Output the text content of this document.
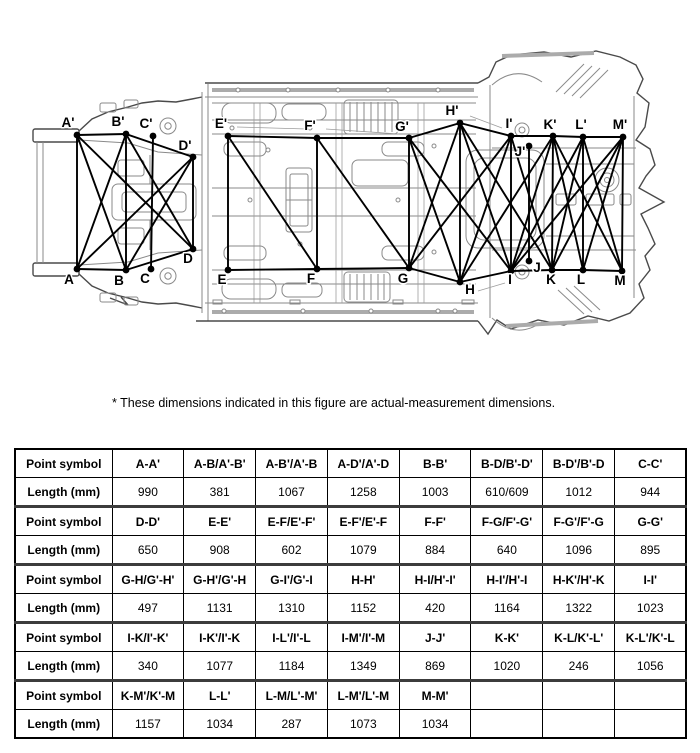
A'	B' C'
D'
E'	F'	G'
H'
I'
J'
K' L' M'
A	B C
D
E	F	G
H
I
J
K L M
* These dimensions indicated in this figure are actual-measurement dimensions.
Point symbol	A-A'	A-B/A'-B'	A-B'/A'-B	A-D'/A'-D	B-B'	B-D/B'-D'	B-D'/B'-D	C-C'
Length (mm)	990	381	1067	1258	1003	610/609	1012	944
Point symbol	D-D'	E-E'	E-F/E'-F'	E-F'/E'-F	F-F'	F-G/F'-G'	F-G'/F'-G	G-G'
Length (mm)	650	908	602	1079	884	640	1096	895
Point symbol	G-H/G'-H'	G-H'/G'-H	G-I'/G'-I	H-H'	H-I/H'-I'	H-I'/H'-I	H-K'/H'-K	I-I'
Length (mm)	497	1131	1310	1152	420	1164	1322	1023
Point symbol	I-K/I'-K'	I-K'/I'-K	I-L'/I'-L	I-M'/I'-M	J-J'	K-K'	K-L/K'-L'	K-L'/K'-L
Length (mm)	340	1077	1184	1349	869	1020	246	1056
Point symbol	K-M'/K'-M	L-L'	L-M/L'-M'	L-M'/L'-M	M-M'			
Length (mm)	1157	1034	287	1073	1034			
